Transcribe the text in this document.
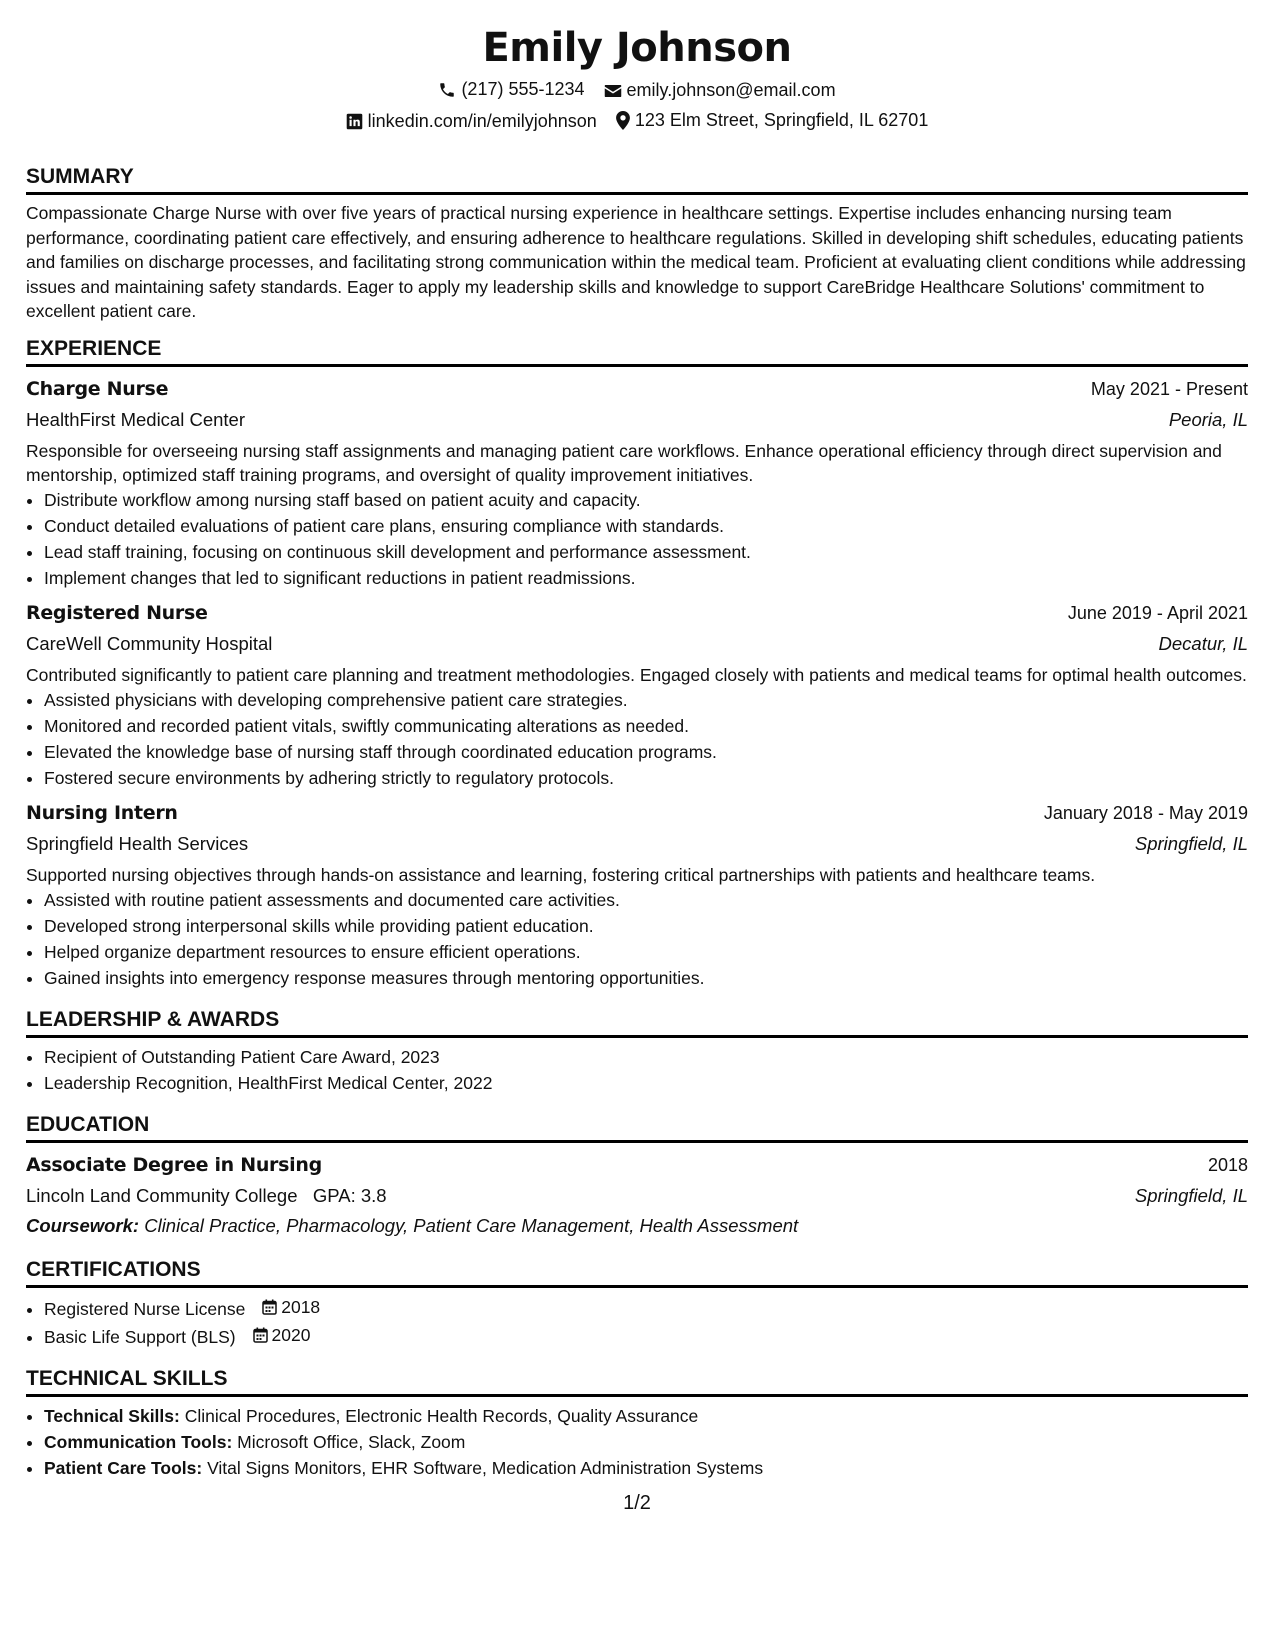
Emily Johnson
(217) 555-1234
emily.johnson@email.com
linkedin.com/in/emilyjohnson
123 Elm Street, Springfield, IL 62701
SUMMARY
Compassionate Charge Nurse with over five years of practical nursing experience in healthcare settings. Expertise includes enhancing nursing team performance, coordinating patient care effectively, and ensuring adherence to healthcare regulations. Skilled in developing shift schedules, educating patients and families on discharge processes, and facilitating strong communication within the medical team. Proficient at evaluating client conditions while addressing issues and maintaining safety standards. Eager to apply my leadership skills and knowledge to support CareBridge Healthcare Solutions' commitment to excellent patient care.
EXPERIENCE
Charge Nurse	May 2021 - Present
HealthFirst Medical Center	Peoria, IL
Responsible for overseeing nursing staff assignments and managing patient care workflows. Enhance operational efficiency through direct supervision and mentorship, optimized staff training programs, and oversight of quality improvement initiatives.
• Distribute workflow among nursing staff based on patient acuity and capacity.
• Conduct detailed evaluations of patient care plans, ensuring compliance with standards.
• Lead staff training, focusing on continuous skill development and performance assessment.
• Implement changes that led to significant reductions in patient readmissions.
Registered Nurse	June 2019 - April 2021
CareWell Community Hospital	Decatur, IL
Contributed significantly to patient care planning and treatment methodologies. Engaged closely with patients and medical teams for optimal health outcomes.
• Assisted physicians with developing comprehensive patient care strategies.
• Monitored and recorded patient vitals, swiftly communicating alterations as needed.
• Elevated the knowledge base of nursing staff through coordinated education programs.
• Fostered secure environments by adhering strictly to regulatory protocols.
Nursing Intern	January 2018 - May 2019
Springfield Health Services	Springfield, IL
Supported nursing objectives through hands-on assistance and learning, fostering critical partnerships with patients and healthcare teams.
• Assisted with routine patient assessments and documented care activities.
• Developed strong interpersonal skills while providing patient education.
• Helped organize department resources to ensure efficient operations.
• Gained insights into emergency response measures through mentoring opportunities.
LEADERSHIP & AWARDS
• Recipient of Outstanding Patient Care Award, 2023
• Leadership Recognition, HealthFirst Medical Center, 2022
EDUCATION
Associate Degree in Nursing	2018
Lincoln Land Community College GPA: 3.8	Springfield, IL
Coursework: Clinical Practice, Pharmacology, Patient Care Management, Health Assessment
CERTIFICATIONS
• Registered Nurse License 2018
• Basic Life Support (BLS) 2020
TECHNICAL SKILLS
• Technical Skills: Clinical Procedures, Electronic Health Records, Quality Assurance
• Communication Tools: Microsoft Office, Slack, Zoom
• Patient Care Tools: Vital Signs Monitors, EHR Software, Medication Administration Systems
1/2
